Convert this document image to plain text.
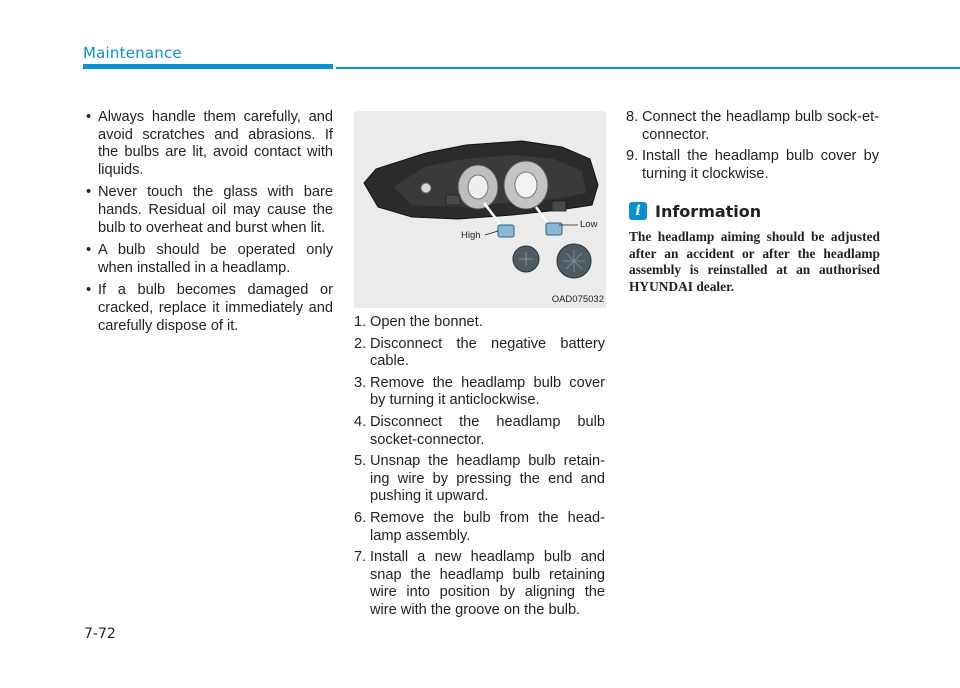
Maintenance
• Always handle them carefully, and avoid scratches and abrasions. If the bulbs are lit, avoid contact with liquids.
• Never touch the glass with bare hands. Residual oil may cause the bulb to overheat and burst when lit.
• A bulb should be operated only when installed in a headlamp.
• If a bulb becomes damaged or cracked, replace it immediately and carefully dispose of it.
High
Low
OAD075032
1. Open the bonnet.
2. Disconnect the negative battery cable.
3. Remove the headlamp bulb cover by turning it anticlockwise.
4. Disconnect the headlamp bulb socket-connector.
5. Unsnap the headlamp bulb retain-ing wire by pressing the end and pushing it upward.
6. Remove the bulb from the head-lamp assembly.
7. Install a new headlamp bulb and snap the headlamp bulb retaining wire into position by aligning the wire with the groove on the bulb.
8. Connect the headlamp bulb sock-et-connector.
9. Install the headlamp bulb cover by turning it clockwise.
i Information
The headlamp aiming should be adjusted after an accident or after the headlamp assembly is reinstalled at an authorised HYUNDAI dealer.
7-72
